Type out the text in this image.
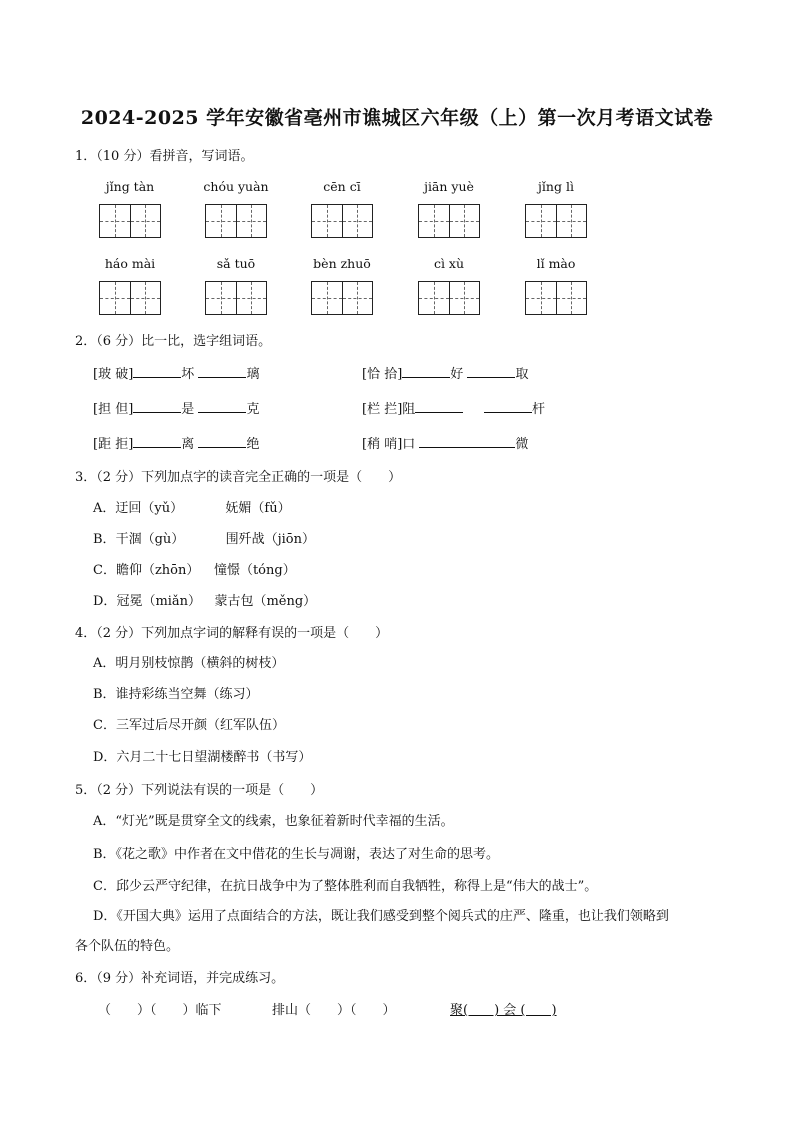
2024-2025 学年安徽省亳州市谯城区六年级（上）第一次月考语文试卷
1．（10 分）看拼音，写词语。
jǐng tàn	chóu yuàn	cēn cī	jiān yuè	jǐng lì
háo mài	sǎ tuō	bèn zhuō	cì xù	lǐ mào
2．（6 分）比一比，选字组词语。
[玻 破]	坏	璃	[恰 拾]	好	取
[担 但]	是	克	[栏 拦]阻	杆
[距 拒]	离	绝	[稍 哨]口	微
3．（2 分）下列加点字的读音完全正确的一项是（　　）
A．迂回（yǔ）	妩媚（fǔ）
B．干涸（gù）	围歼战（jiōn）
C．瞻仰（zhōn） 憧憬（tóng）
D．冠冕（miǎn） 蒙古包（měng）
4．（2 分）下列加点字词的解释有误的一项是（　　）
A．明月别枝惊鹊（横斜的树枝）
B．谁持彩练当空舞（练习）
C．三军过后尽开颜（红军队伍）
D．六月二十七日望湖楼醉书（书写）
5．（2 分）下列说法有误的一项是（　　）
A．“灯光”既是贯穿全文的线索，也象征着新时代幸福的生活。
B．《花之歌》中作者在文中借花的生长与凋谢，表达了对生命的思考。
C．邱少云严守纪律，在抗日战争中为了整体胜利而自我牺牲，称得上是“伟大的战士”。
D．《开国大典》运用了点面结合的方法，既让我们感受到整个阅兵式的庄严、隆重，也让我们领略到
各个队伍的特色。
6．（9 分）补充词语，并完成练习。
（　　）（　　）临下	排山（　　）（　　）	聚(　　) 会 (　　)
